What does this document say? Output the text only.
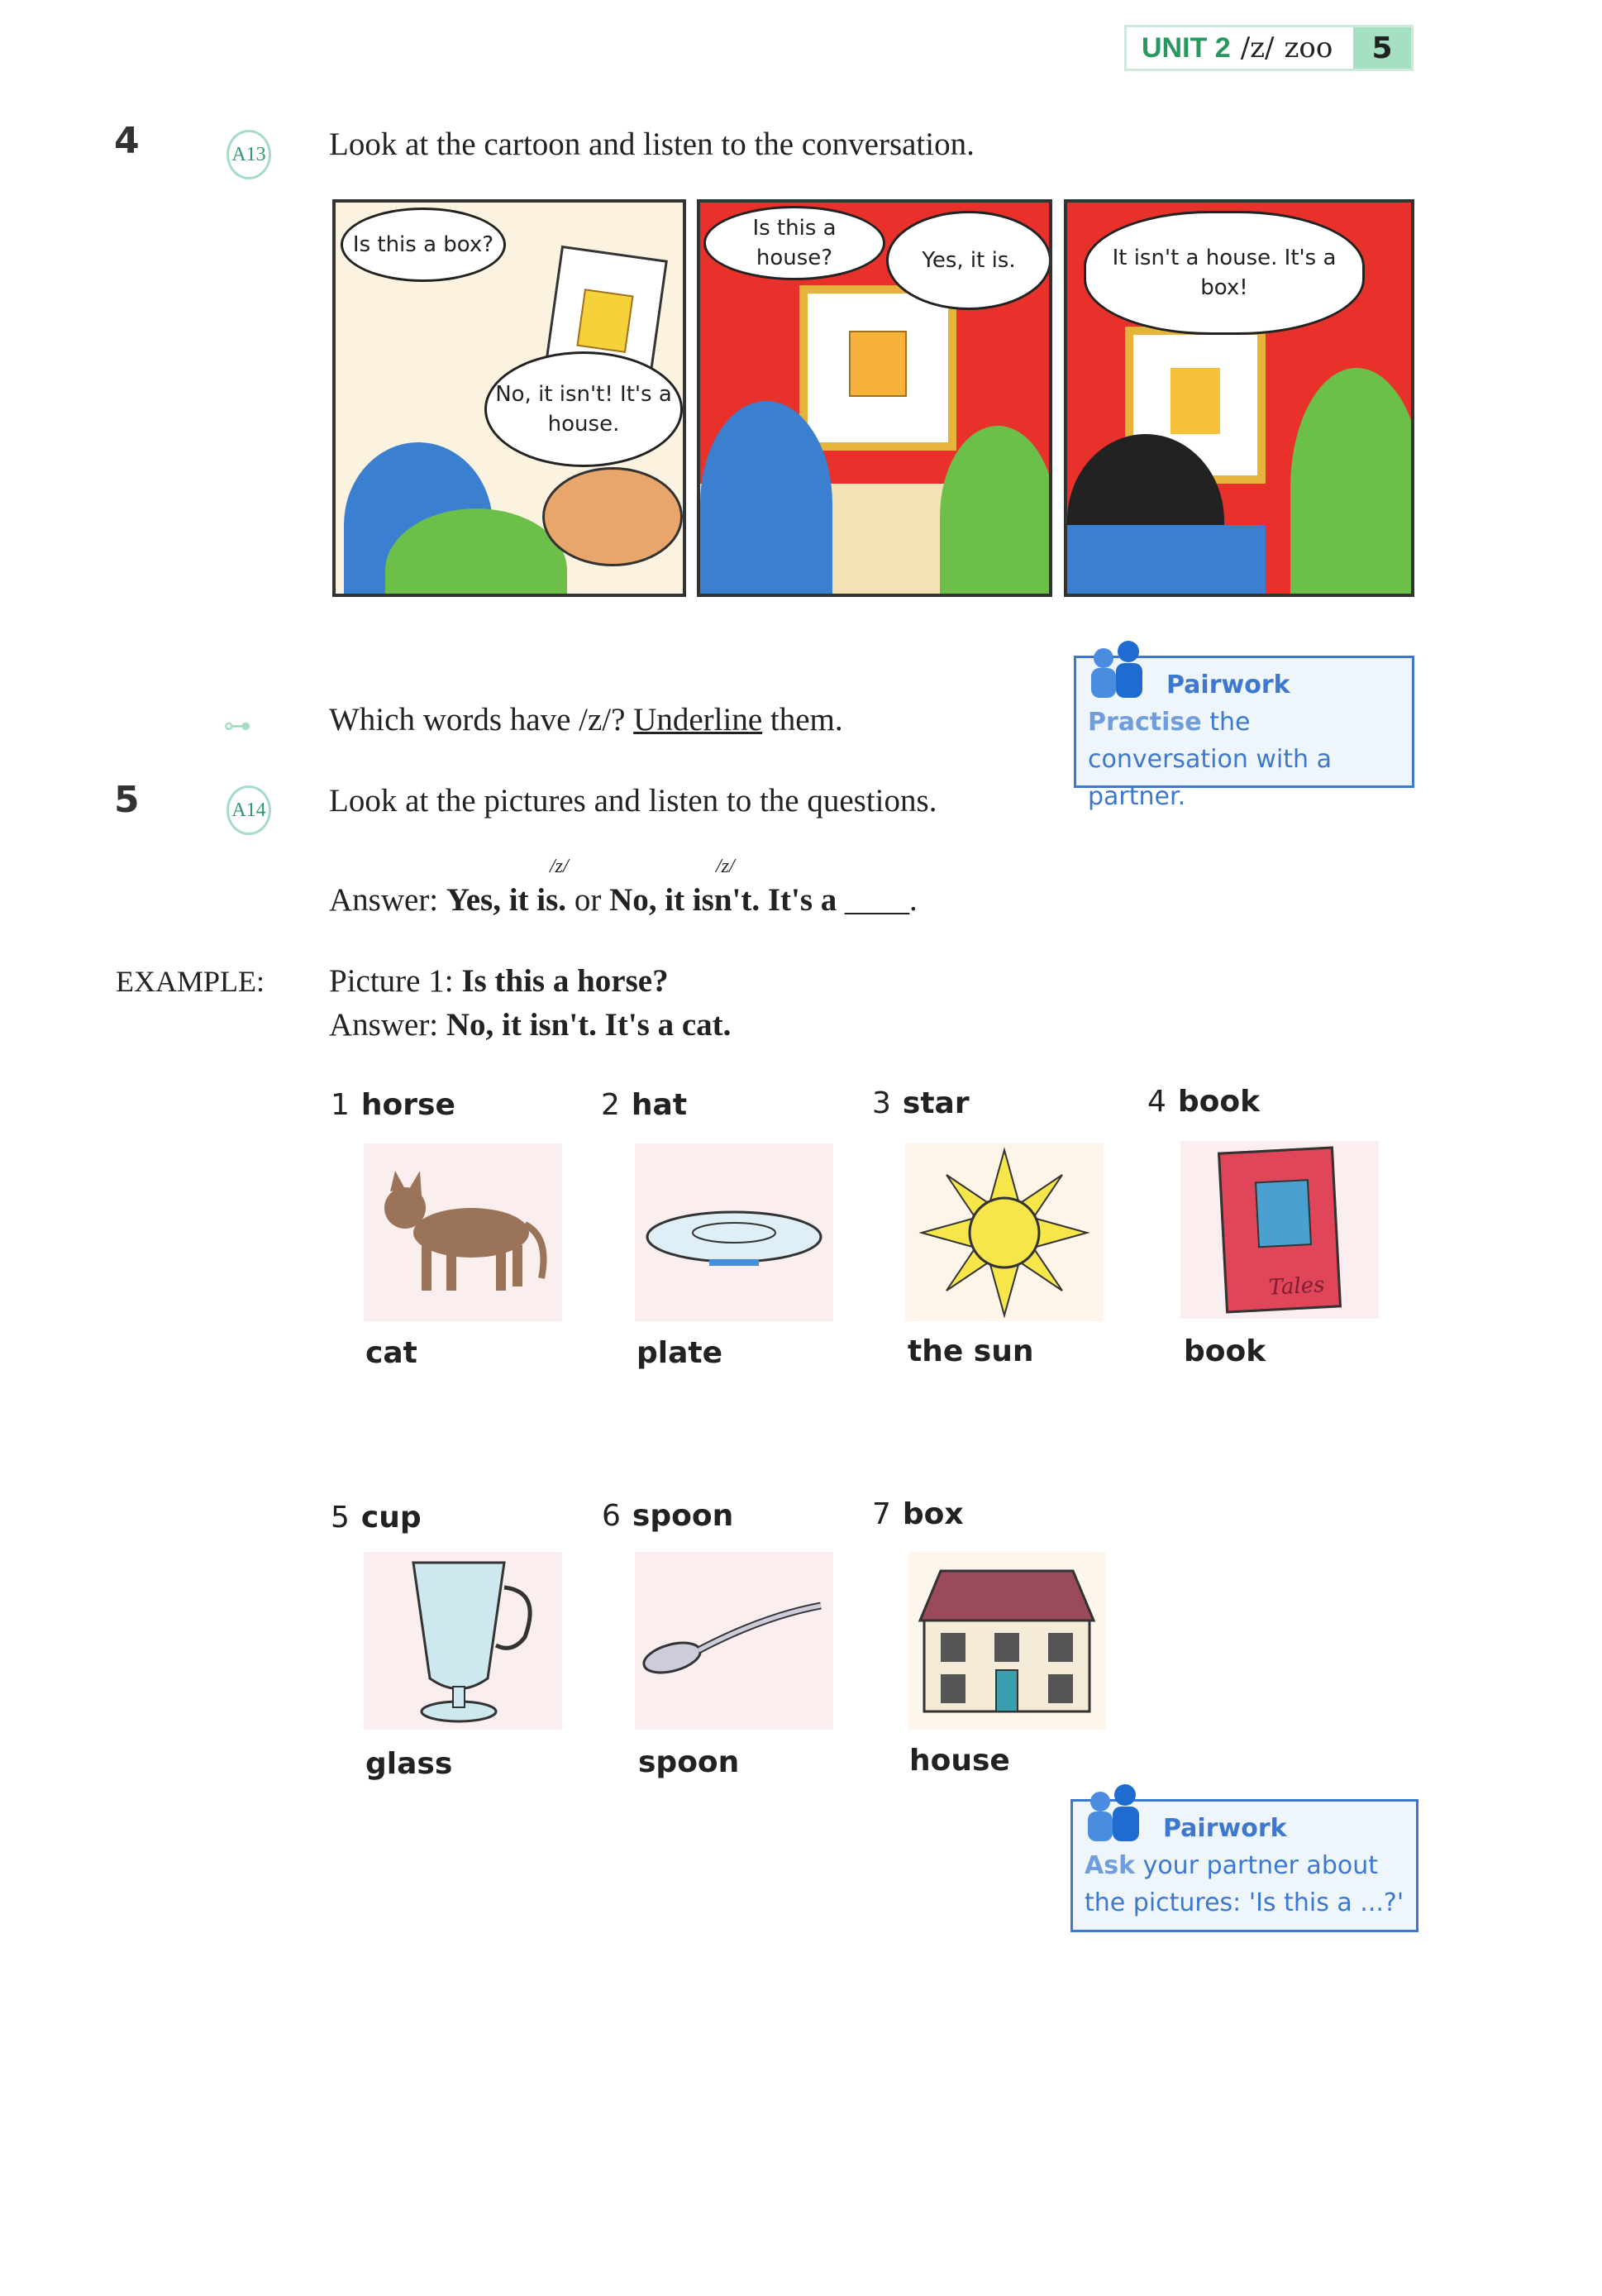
UNIT 2 /z/ zoo	5
4	A13 Look at the cartoon and listen to the conversation.
Is this a box?
No, it isn't! It's a house.
Is this a house?	Yes, it is.	It isn't a house. It's a box!
⊶ Which words have /z/? Underline them.
Pairwork
Practise the conversation with a partner.
5	A14 Look at the pictures and listen to the questions.
/z/	/z/
Answer: Yes, it is. or No, it isn't. It's a ____.
EXAMPLE: Picture 1: Is this a horse?
Answer: No, it isn't. It's a cat.
1 horse	2 hat	3 star	4 book
Tales
cat	plate	the sun	book
5 cup	6 spoon	7 box
glass	spoon	house
Pairwork
Ask your partner about the pictures: 'Is this a ...?'
